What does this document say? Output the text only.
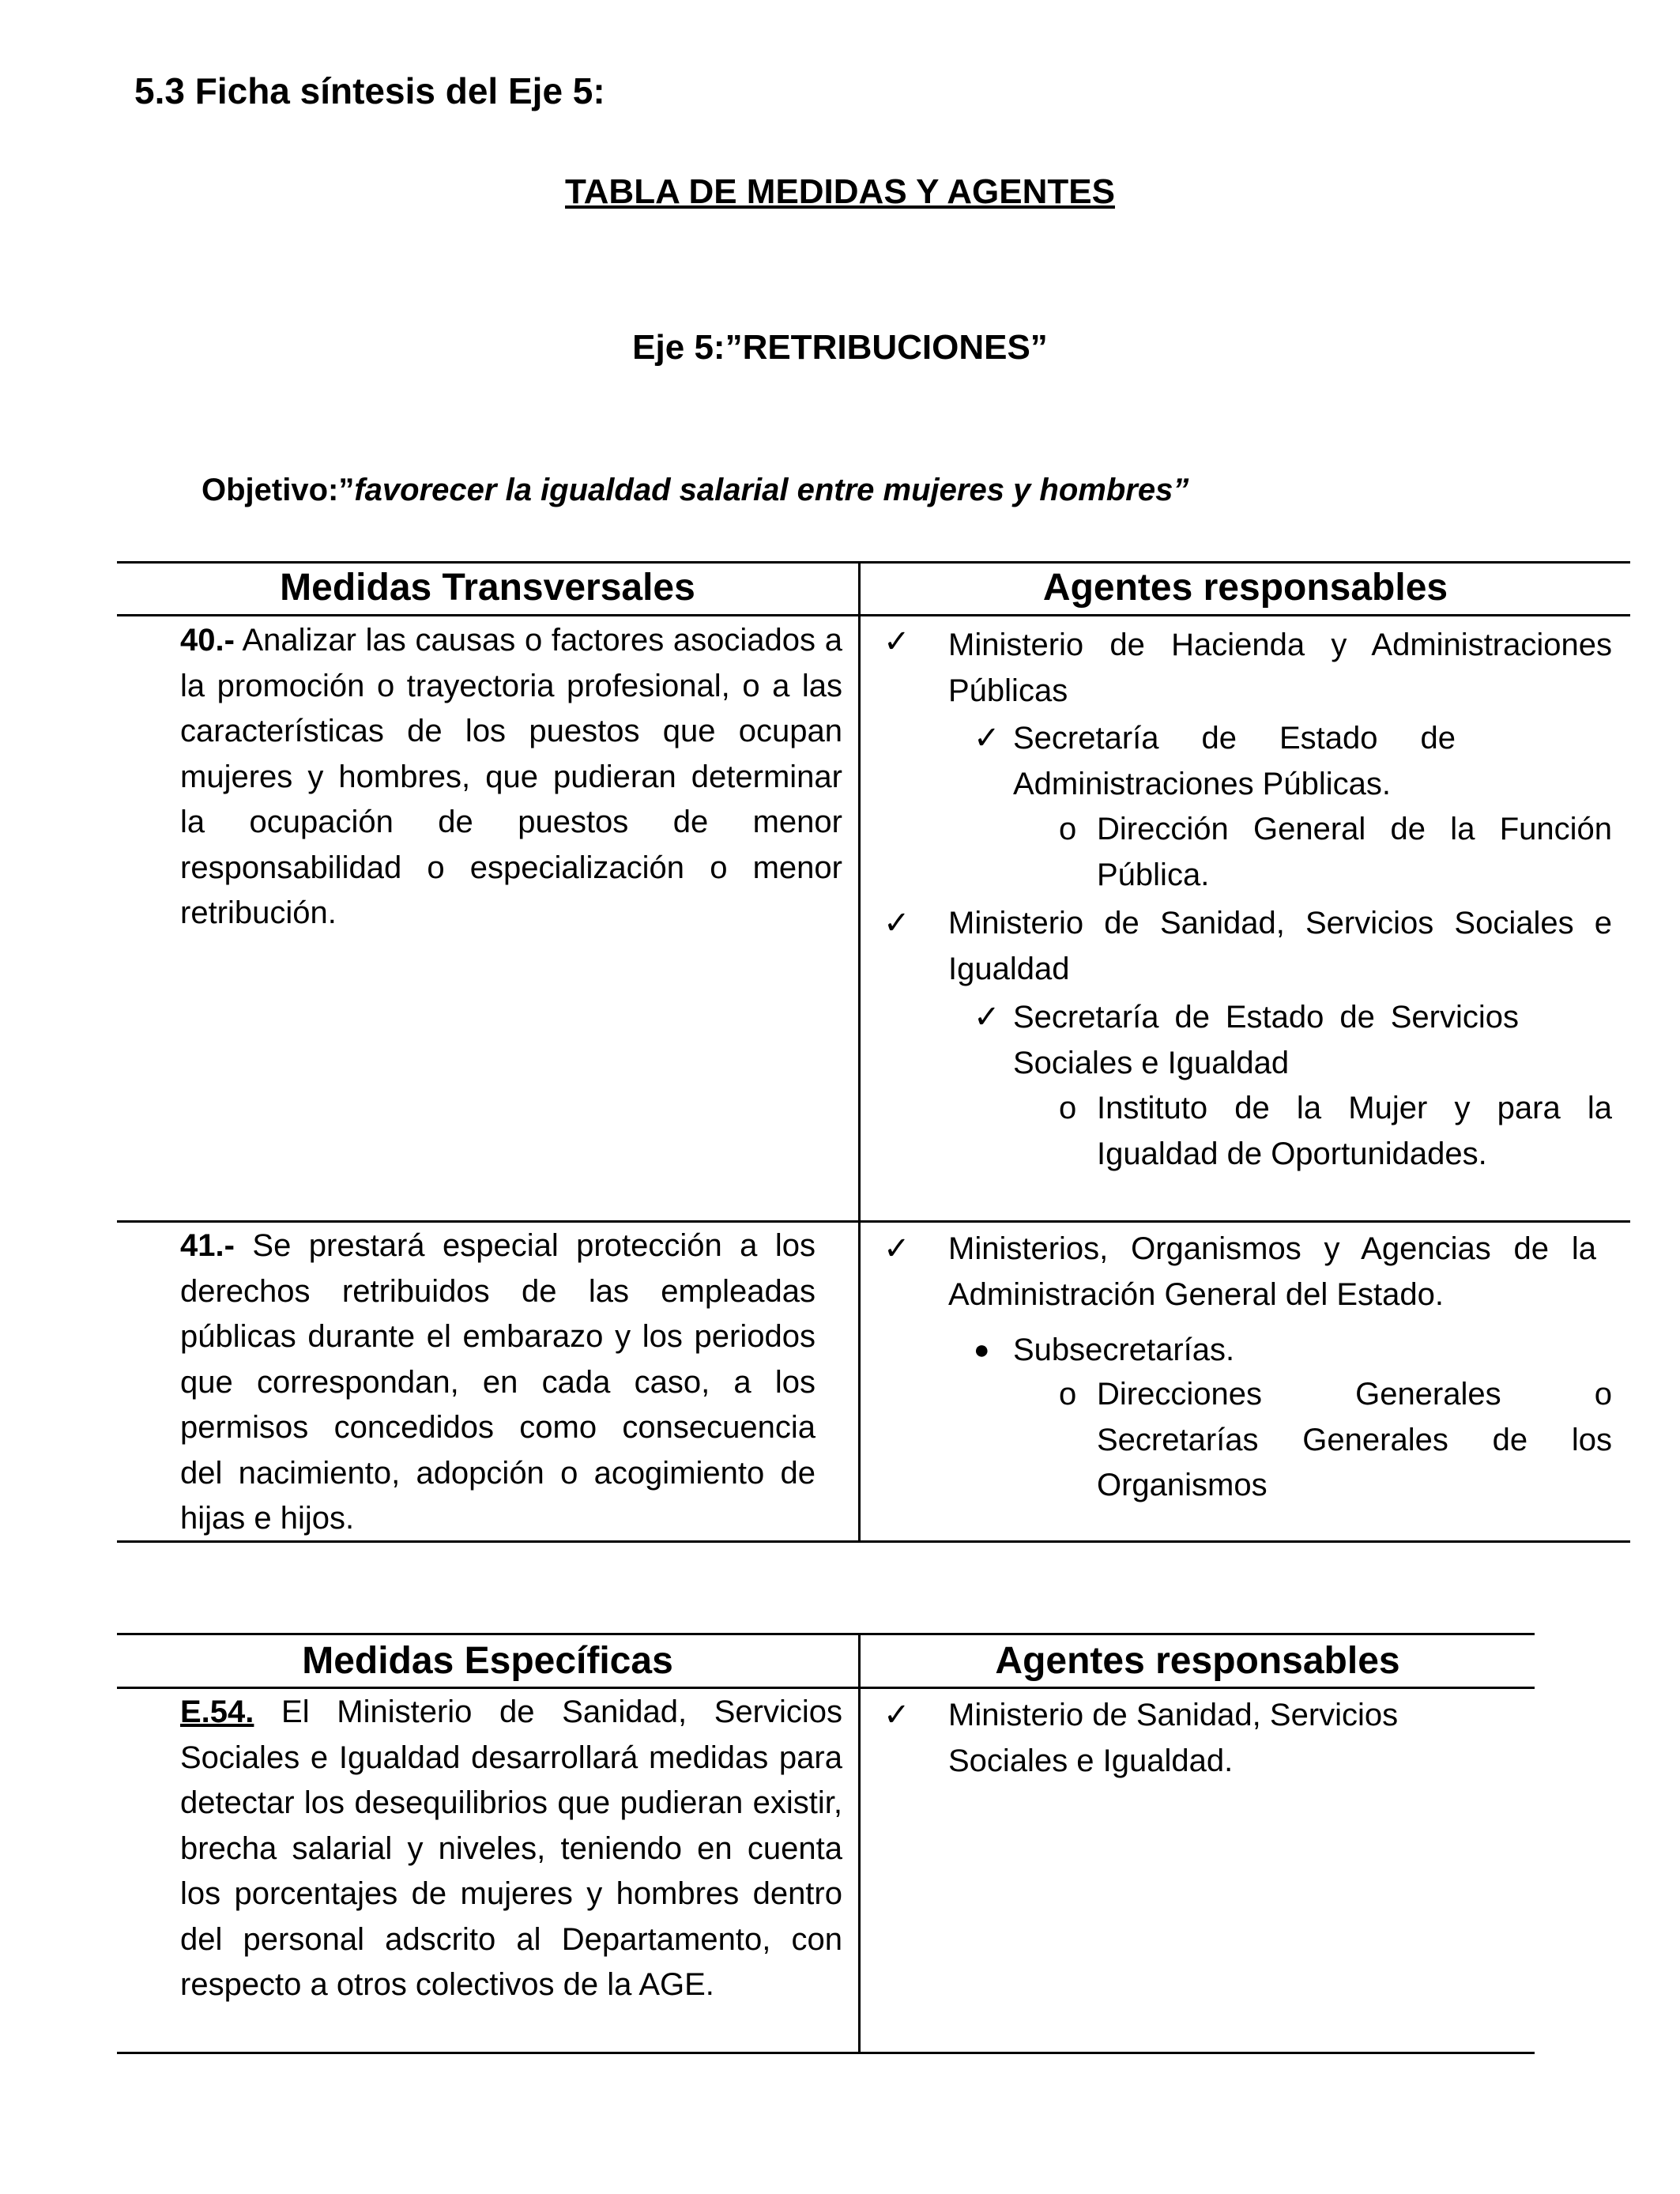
5.3 Ficha síntesis del Eje 5:
TABLA DE MEDIDAS Y AGENTES
Eje 5:”RETRIBUCIONES”
Objetivo:”favorecer la igualdad salarial entre mujeres y hombres”
Medidas Transversales	Agentes responsables
40.- Analizar las causas o factores asociados a la promoción o trayectoria profesional, o a las características de los puestos que ocupan mujeres y hombres, que pudieran determinar la ocupación de puestos de menor responsabilidad o especialización o menor retribución.
✓ Ministerio de Hacienda y Administraciones Públicas
✓ Secretaría de Estado de Administraciones Públicas.
o Dirección General de la Función Pública.
✓ Ministerio de Sanidad, Servicios Sociales e Igualdad
✓ Secretaría de Estado de Servicios Sociales e Igualdad
o Instituto de la Mujer y para la Igualdad de Oportunidades.
41.- Se prestará especial protección a los derechos retribuidos de las empleadas públicas durante el embarazo y los periodos que correspondan, en cada caso, a los permisos concedidos como consecuencia del nacimiento, adopción o acogimiento de hijas e hijos.
✓ Ministerios, Organismos y Agencias de la Administración General del Estado.
● Subsecretarías.
o Direcciones Generales o Secretarías Generales de los Organismos
Medidas Específicas	Agentes responsables
E.54. El Ministerio de Sanidad, Servicios Sociales e Igualdad desarrollará medidas para detectar los desequilibrios que pudieran existir, brecha salarial y niveles, teniendo en cuenta los porcentajes de mujeres y hombres dentro del personal adscrito al Departamento, con respecto a otros colectivos de la AGE.
✓ Ministerio de Sanidad, Servicios Sociales e Igualdad.
